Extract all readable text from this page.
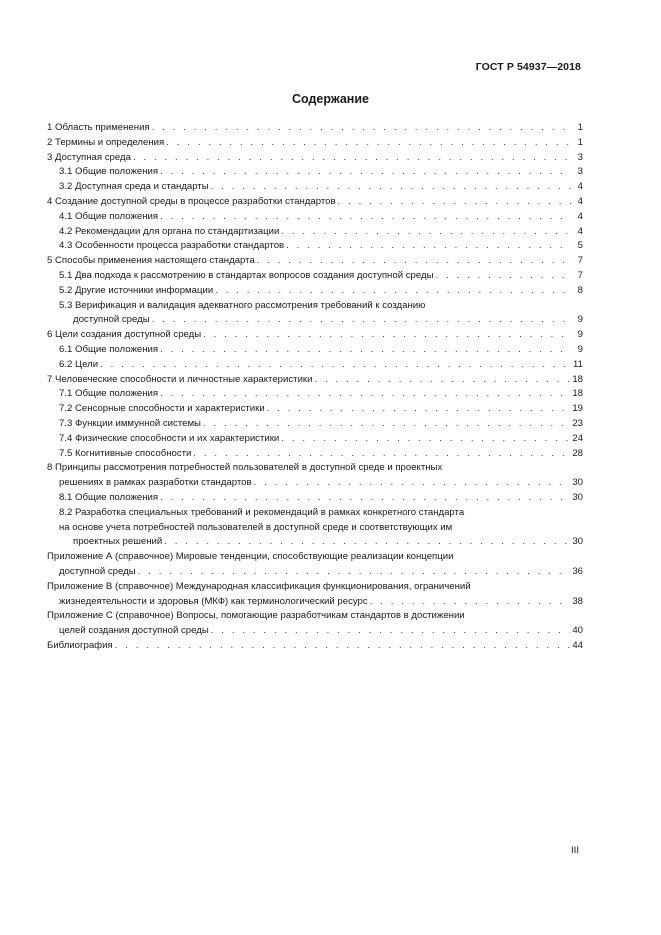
ГОСТ Р 54937—2018
Содержание
1 Область применения . . .	1
2 Термины и определения . . .	1
3 Доступная среда . . .	3
3.1 Общие положения . . .	3
3.2 Доступная среда и стандарты . . .	4
4 Создание доступной среды в процессе разработки стандартов . . .	4
4.1 Общие положения . . .	4
4.2 Рекомендации для органа по стандартизации . . .	4
4.3 Особенности процесса разработки стандартов . . .	5
5 Способы применения настоящего стандарта . . .	7
5.1 Два подхода к рассмотрению в стандартах вопросов создания доступной среды . . .	7
5.2 Другие источники информации . . .	8
5.3 Верификация и валидация адекватного рассмотрения требований к созданию
доступной среды . . .	9
6 Цели создания доступной среды . . .	9
6.1 Общие положения . . .	9
6.2 Цели . . .	11
7 Человеческие способности и личностные характеристики . . .	18
7.1 Общие положения . . .	18
7.2 Сенсорные способности и характеристики . . .	19
7.3 Функции иммунной системы . . .	23
7.4 Физические способности и их характеристики . . .	24
7.5 Когнитивные способности . . .	28
8 Принципы рассмотрения потребностей пользователей в доступной среде и проектных
решениях в рамках разработки стандартов . . .	30
8.1 Общие положения . . .	30
8.2 Разработка специальных требований и рекомендаций в рамках конкретного стандарта
на основе учета потребностей пользователей в доступной среде и соответствующих им
проектных решений . . .	30
Приложение А (справочное) Мировые тенденции, способствующие реализации концепции
доступной среды . . .	36
Приложение В (справочное) Международная классификация функционирования, ограничений
жизнедеятельности и здоровья (МКФ) как терминологический ресурс . . .	38
Приложение С (справочное) Вопросы, помогающие разработчикам стандартов в достижении
целей создания доступной среды . . .	40
Библиография . . .	44
III
